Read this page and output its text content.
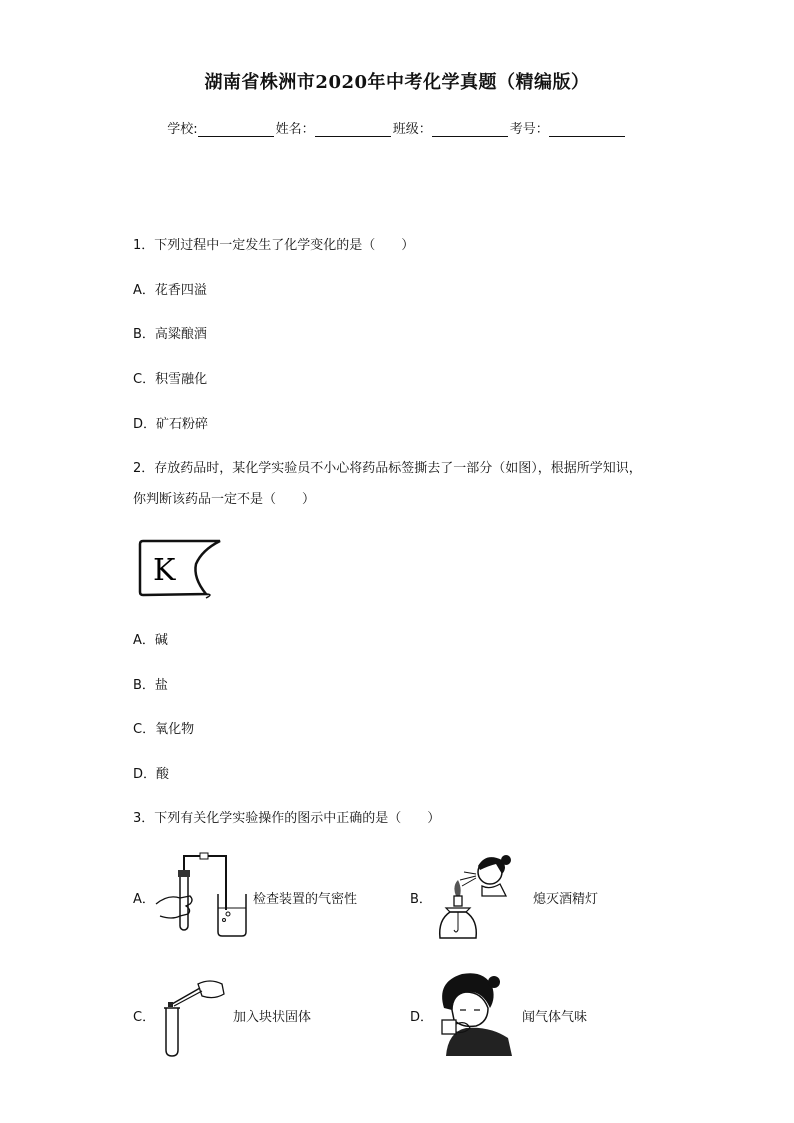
湖南省株洲市2020年中考化学真题（精编版）
学校:	姓名：	班级：	考号：
1．下列过程中一定发生了化学变化的是（　　）
A．花香四溢
B．高粱酿酒
C．积雪融化
D．矿石粉碎
2．存放药品时，某化学实验员不小心将药品标签撕去了一部分（如图），根据所学知识，
你判断该药品一定不是（　　）
K
A．碱
B．盐
C．氧化物
D．酸
3．下列有关化学实验操作的图示中正确的是（　　）
A．	检查装置的气密性	B．	熄灭酒精灯
C．	加入块状固体	D．	闻气体气味
